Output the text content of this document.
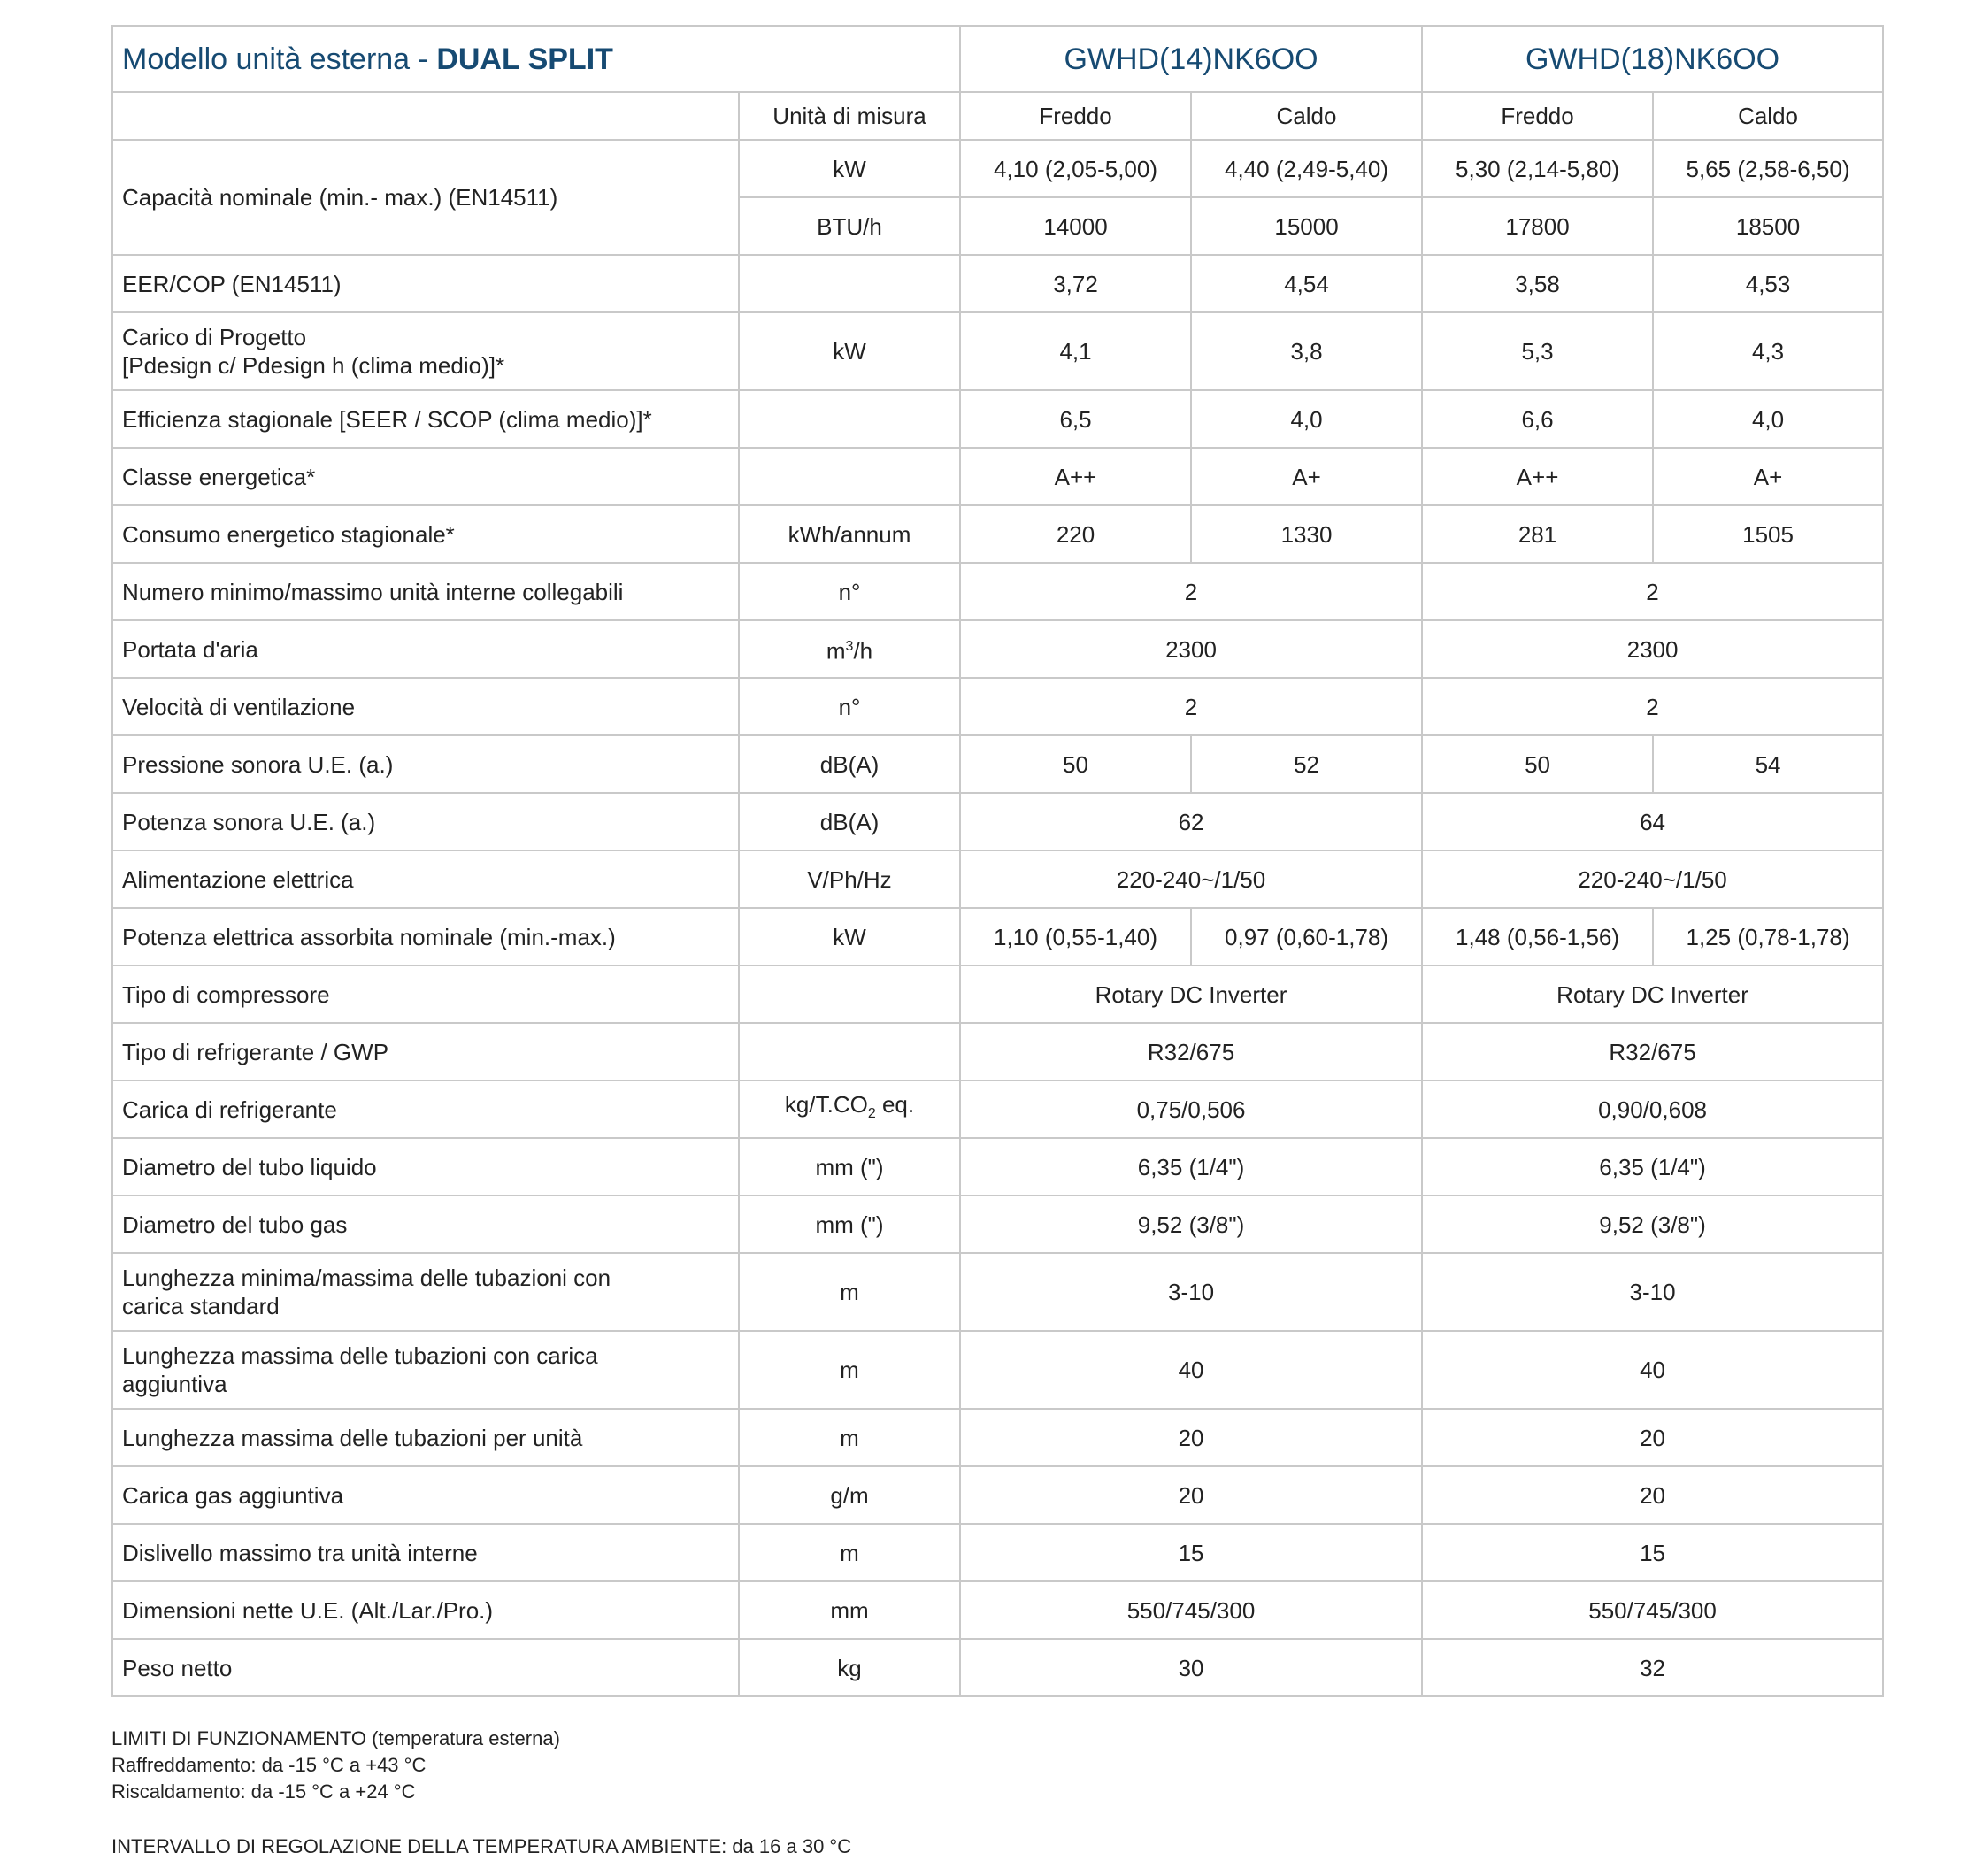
Modello unità esterna - DUAL SPLIT		GWHD(14)NK6OO		GWHD(18)NK6OO	
	Unità di misura	Freddo	Caldo	Freddo	Caldo
Capacità nominale (min.- max.) (EN14511)	kW	4,10 (2,05-5,00)	4,40 (2,49-5,40)	5,30 (2,14-5,80)	5,65 (2,58-6,50)
	BTU/h	14000	15000	17800	18500
EER/COP (EN14511)		3,72	4,54	3,58	4,53

Carico di Progetto
[Pdesign c/ Pdesign h (clima medio)]*	kW	4,1	3,8	5,3	4,3
Efficienza stagionale [SEER / SCOP (clima medio)]*		6,5	4,0	6,6	4,0
Classe energetica*		A++	A+	A++	A+
Consumo energetico stagionale*	kWh/annum	220	1330	281	1505
Numero minimo/massimo unità interne collegabili	n°	2		2	
Portata d'aria	$m^3/h$	2300		2300	
Velocità di ventilazione	n°	2		2	
Pressione sonora U.E. (a.)	dB(A)	50	52	50	54
Potenza sonora U.E. (a.)	dB(A)	62		64	
Alimentazione elettrica	V/Ph/Hz	220-240~/1/50		220-240~/1/50	
Potenza elettrica assorbita nominale (min.-max.)	kW	1,10 (0,55-1,40)	0,97 (0,60-1,78)	1,48 (0,56-1,56)	1,25 (0,78-1,78)
Tipo di compressore		Rotary DC Inverter		Rotary DC Inverter	
Tipo di refrigerante / GWP		R32/675		R32/675	
Carica di refrigerante	$kg/T.CO_2$ eq.	0,75/0,506		0,90/0,608	
Diametro del tubo liquido	mm (")	6,35 (1/4")		6,35 (1/4")	
Diametro del tubo gas	mm (")	9,52 (3/8")		9,52 (3/8")	

Lunghezza minima/massima delle tubazioni con
carica standard	m	3-10		3-10	

Lunghezza massima delle tubazioni con carica
aggiuntiva	m	40		40	
Lunghezza massima delle tubazioni per unità	m	20		20	
Carica gas aggiuntiva	g/m	20		20	
Dislivello massimo tra unità interne	m	15		15	
Dimensioni nette U.E. (Alt./Lar./Pro.)	mm	550/745/300		550/745/300	
Peso netto	kg	30		32	
LIMITI DI FUNZIONAMENTO (temperatura esterna)
Raffreddamento: da -15 °C a +43 °C
Riscaldamento: da -15 °C a +24 °C
INTERVALLO DI REGOLAZIONE DELLA TEMPERATURA AMBIENTE: da 16 a 30 °C
